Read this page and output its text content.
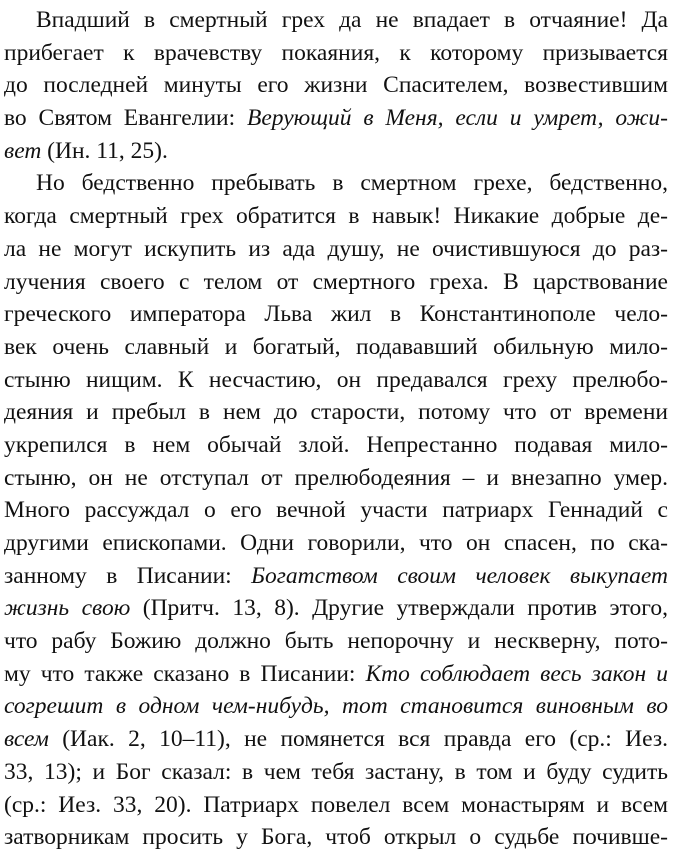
Впадший в смертный грех да не впадает в отчаяние! Да
прибегает к врачевству покаяния, к которому призывается
до последней минуты его жизни Спасителем, возвестившим
во Святом Евангелии: Верующий в Меня, если и умрет, ожи-
вет (Ин. 11, 25).
Но бедственно пребывать в смертном грехе, бедственно,
когда смертный грех обратится в навык! Никакие добрые де-
ла не могут искупить из ада душу, не очистившуюся до раз-
лучения своего с телом от смертного греха. В царствование
греческого императора Льва жил в Константинополе чело-
век очень славный и богатый, подававший обильную мило-
стыню нищим. К несчастию, он предавался греху прелюбо-
деяния и пребыл в нем до старости, потому что от времени
укрепился в нем обычай злой. Непрестанно подавая мило-
стыню, он не отступал от прелюбодеяния – и внезапно умер.
Много рассуждал о его вечной участи патриарх Геннадий с
другими епископами. Одни говорили, что он спасен, по ска-
занному в Писании: Богатством своим человек выкупает
жизнь свою (Притч. 13, 8). Другие утверждали против этого,
что рабу Божию должно быть непорочну и нескверну, пото-
му что также сказано в Писании: Кто соблюдает весь закон и
согрешит в одном чем-нибудь, тот становится виновным во
всем (Иак. 2, 10–11), не помянется вся правда его (ср.: Иез.
33, 13); и Бог сказал: в чем тебя застану, в том и буду судить
(ср.: Иез. 33, 20). Патриарх повелел всем монастырям и всем
затворникам просить у Бога, чтоб открыл о судьбе почивше-
